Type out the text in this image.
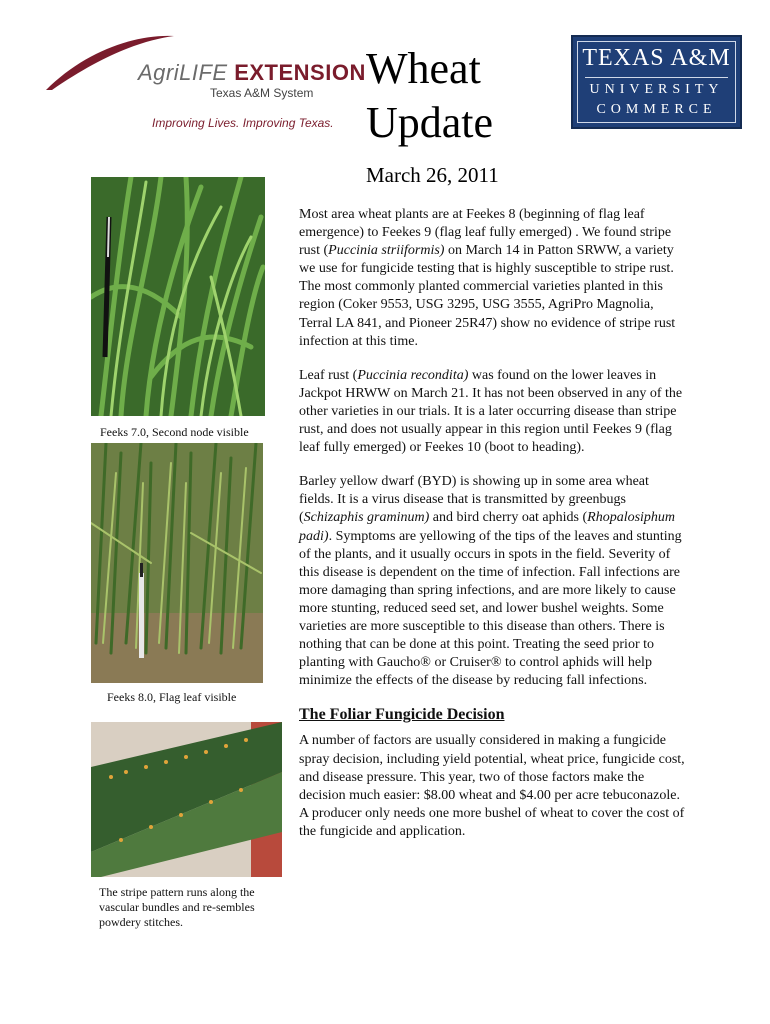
AgriLIFE EXTENSION
Texas A&M System
Improving Lives. Improving Texas.
Wheat
Update
March 26, 2011
TEXAS A&M
UNIVERSITY
COMMERCE
Feeks 7.0, Second node visible
Feeks 8.0, Flag leaf visible
The stripe pattern runs along the vascular bundles and re-sembles powdery stitches.

Most area wheat plants are at Feekes 8 (beginning of flag leaf emergence) to Feekes 9 (flag leaf fully emerged) . We found stripe rust (Puccinia striiformis) on March 14 in Patton SRWW, a variety we use for fungicide testing that is highly susceptible to stripe rust. The most commonly planted commercial varieties planted in this region (Coker 9553, USG 3295, USG 3555, AgriPro Magnolia, Terral LA 841, and Pioneer 25R47) show no evidence of stripe rust infection at this time.

Leaf rust (Puccinia recondita) was found on the lower leaves in Jackpot HRWW on March 21. It has not been observed in any of the other varieties in our trials. It is a later occurring disease than stripe rust, and does not usually appear in this region until Feekes 9 (flag leaf fully emerged) or Feekes 10 (boot to heading).

Barley yellow dwarf (BYD) is showing up in some area wheat fields. It is a virus disease that is transmitted by greenbugs (Schizaphis graminum) and bird cherry oat aphids (Rhopalosiphum padi). Symptoms are yellowing of the tips of the leaves and stunting of the plants, and it usually occurs in spots in the field. Severity of this disease is dependent on the time of infection. Fall infections are more damaging than spring infections, and are more likely to cause more stunting, reduced seed set, and lower bushel weights. Some varieties are more susceptible to this disease than others. There is nothing that can be done at this point. Treating the seed prior to planting with Gaucho® or Cruiser® to control aphids will help minimize the effects of the disease by reducing fall infections.

The Foliar Fungicide Decision

A number of factors are usually considered in making a fungicide spray decision, including yield potential, wheat price, fungicide cost, and disease pressure. This year, two of those factors make the decision much easier: $8.00 wheat and $4.00 per acre tebuconazole. A producer only needs one more bushel of wheat to cover the cost of the fungicide and application.
